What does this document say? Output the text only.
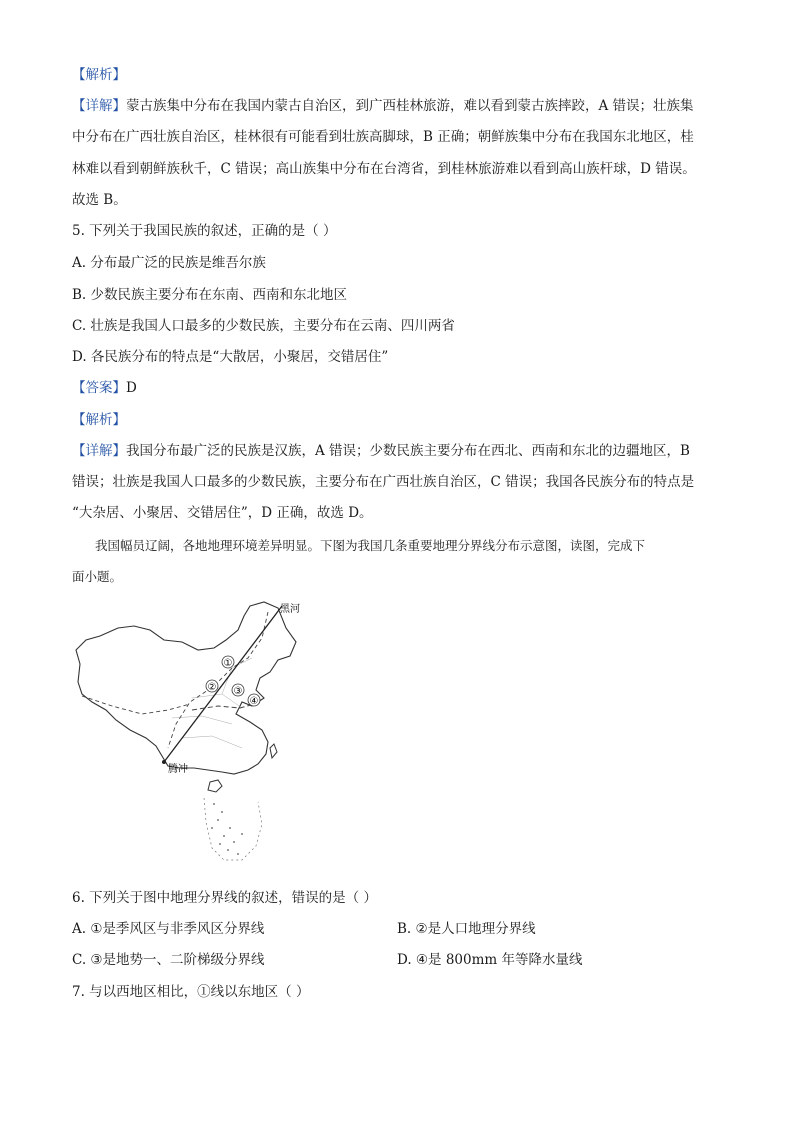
【解析】
【详解】蒙古族集中分布在我国内蒙古自治区，到广西桂林旅游，难以看到蒙古族摔跤，A 错误；壮族集
中分布在广西壮族自治区，桂林很有可能看到壮族高脚球，B 正确；朝鲜族集中分布在我国东北地区，桂
林难以看到朝鲜族秋千，C 错误；高山族集中分布在台湾省，到桂林旅游难以看到高山族杆球，D 错误。
故选 B。
5. 下列关于我国民族的叙述，正确的是（ ）
A. 分布最广泛的民族是维吾尔族
B. 少数民族主要分布在东南、西南和东北地区
C. 壮族是我国人口最多的少数民族，主要分布在云南、四川两省
D. 各民族分布的特点是“大散居，小聚居，交错居住”
【答案】D
【解析】
【详解】我国分布最广泛的民族是汉族，A 错误；少数民族主要分布在西北、西南和东北的边疆地区，B
错误；壮族是我国人口最多的少数民族，主要分布在广西壮族自治区，C 错误；我国各民族分布的特点是
“大杂居、小聚居、交错居住”，D 正确，故选 D。
我国幅员辽阔，各地地理环境差异明显。下图为我国几条重要地理分界线分布示意图，读图，完成下
面小题。
①
② ③
④
黑河
腾冲
6. 下列关于图中地理分界线的叙述，错误的是（ ）
A. ①是季风区与非季风区分界线	B. ②是人口地理分界线
C. ③是地势一、二阶梯级分界线	D. ④是 800mm 年等降水量线
7. 与以西地区相比，①线以东地区（ ）
